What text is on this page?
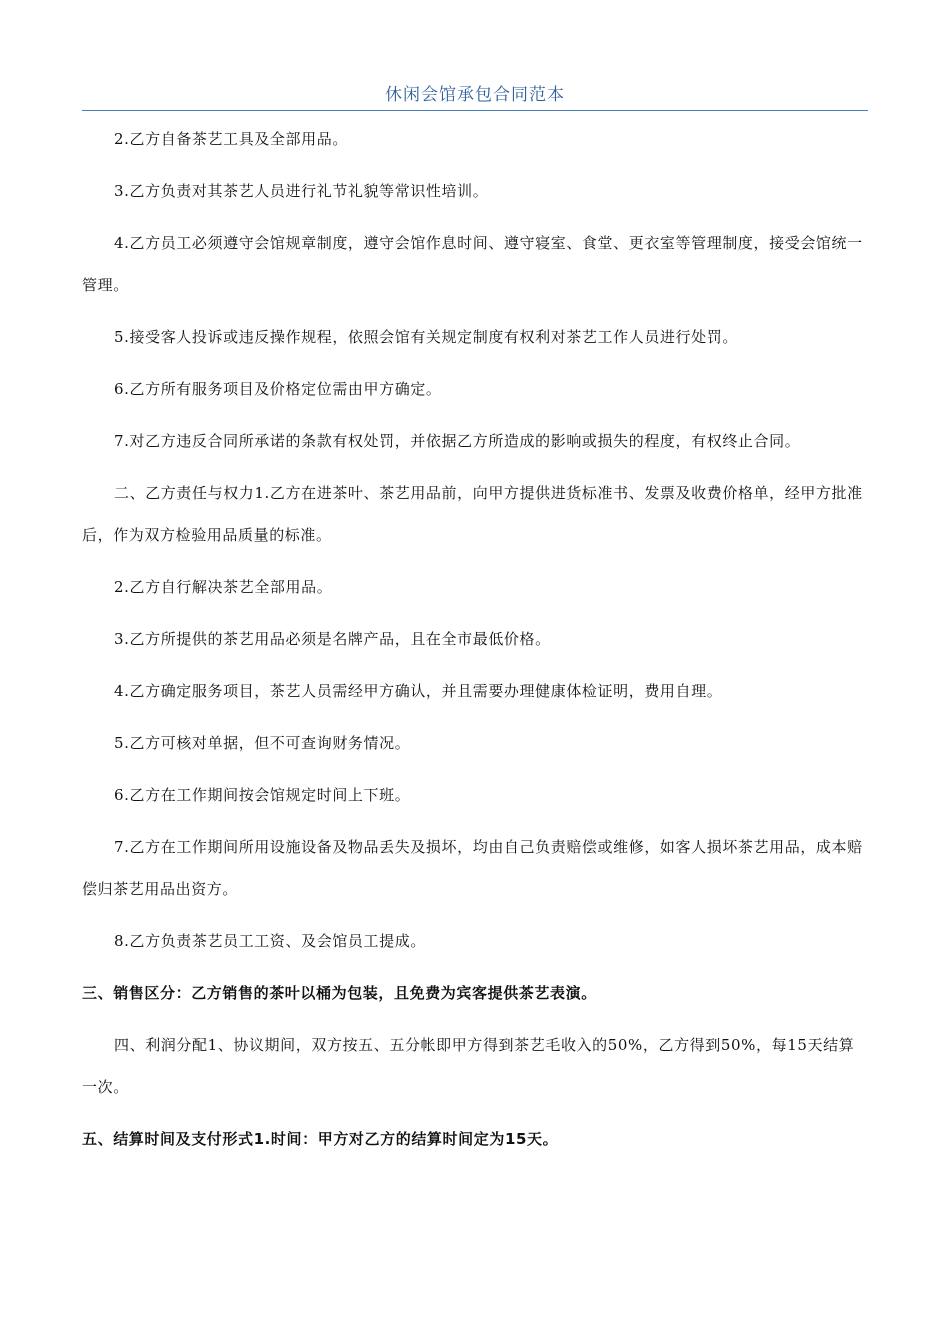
休闲会馆承包合同范本

2.乙方自备茶艺工具及全部用品。

3.乙方负责对其茶艺人员进行礼节礼貌等常识性培训。

4.乙方员工必须遵守会馆规章制度，遵守会馆作息时间、遵守寝室、食堂、更衣室等管理制度，接受会馆统一管理。

5.接受客人投诉或违反操作规程，依照会馆有关规定制度有权利对茶艺工作人员进行处罚。

6.乙方所有服务项目及价格定位需由甲方确定。

7.对乙方违反合同所承诺的条款有权处罚，并依据乙方所造成的影响或损失的程度，有权终止合同。

二、乙方责任与权力1.乙方在进茶叶、茶艺用品前，向甲方提供进货标准书、发票及收费价格单，经甲方批准后，作为双方检验用品质量的标准。

2.乙方自行解决茶艺全部用品。

3.乙方所提供的茶艺用品必须是名牌产品，且在全市最低价格。

4.乙方确定服务项目，茶艺人员需经甲方确认，并且需要办理健康体检证明，费用自理。

5.乙方可核对单据，但不可查询财务情况。

6.乙方在工作期间按会馆规定时间上下班。

7.乙方在工作期间所用设施设备及物品丢失及损坏，均由自己负责赔偿或维修，如客人损坏茶艺用品，成本赔偿归茶艺用品出资方。

8.乙方负责茶艺员工工资、及会馆员工提成。

三、销售区分：乙方销售的茶叶以桶为包装，且免费为宾客提供茶艺表演。

四、利润分配1、协议期间，双方按五、五分帐即甲方得到茶艺毛收入的50%，乙方得到50%，每15天结算一次。

五、结算时间及支付形式1.时间：甲方对乙方的结算时间定为15天。
